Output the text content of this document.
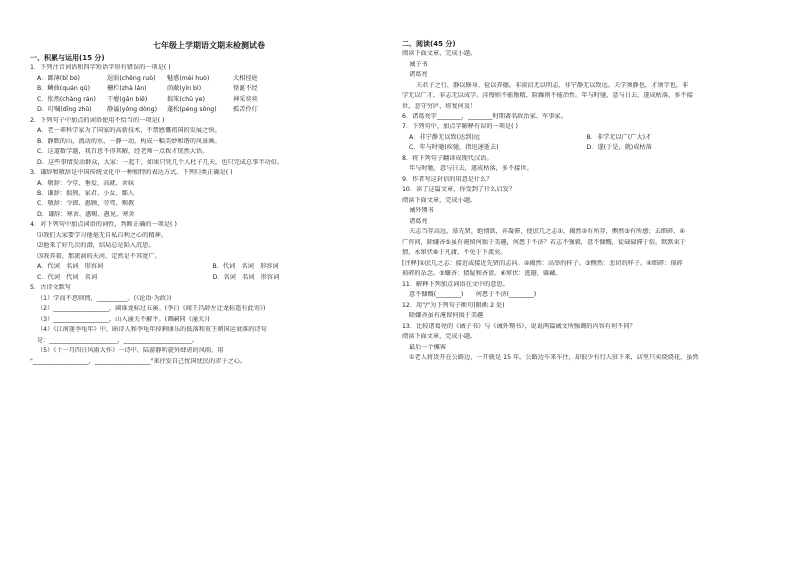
七年级上学期语文期末检测试卷
一、积累与运用(15 分)
1．下列注音词语和四字短语字形有错误的一项是( )
A．鄙薄(bǐ bó)	逞弱(chěng ruò)	魅惑(mèi huò)	大相径庭
B．鳞曲(quán qū)	栅栏(zhà lán)	荫蔽(yīn bì)	怪诞不经
C．怅然(chàng rán)	干瘪(gān biě)	拙笨(chū ye)	神采奕奕
D．叮嘱(dīng zhǔ)	静谧(yǒng dòng)	蓬松(péng sōng)	孤苦伶仃
2．下列句子中加点的词语使用不恰当的一项是( )
A．老一辈科学家为了国家的高新技术，不禁感慨祖国的发展之快。
B．静默的山，流动的水，一静一动，构成一幅美妙和谐的风景画。
C．这道数学题，我百思不得其解，经老师一点拨才恍然大悟。
D．这些事情发动群众，大家：一起干，如果只凭几个人杜子几天，也只完成总事半功倍。
3．谦辞和敬辞是中国传统文化中一种独特的表达方式。下列归类正确是( )
A．敬辞：令堂、垂爱、高就、舍妹
B．谦辞：拙荆、家君、小女、鄙人
C．敬辞：令郎、惠顾、劳驾、赐教
D．谦辞：寒舍、惠赐、愚见、寒舍
4．对下列句中加点词语的词性，判断正确的一项是( )
⑴我们大家要学习他毫无自私自利之心的精神。
⑵他来了好几次的潜，结局总是陷入沉思。
⑶我养着，那流淌的天河，定然是不其宽广。
A．代词　名词　形容词	B．代词　名词　形容词
C．代词　代词　名词	D．名词　名词　形容词
5．古诗文默写
（1）学而不思则罔，__________。(《论语·为政》)
（2）__________________，阔谁龙标过五溪。(李白《闻王昌龄左迁龙标遥有此寄》)
（3）__________________，山入潼关不解平。(谭嗣同《潼关》)
（4）《江南逢李龟年》中，暗诗人和李龟年掉剩康乐的低落和重王朝国运衰落的诗句
是：______________________，______________________。
（5）《十一月四日风雨大作》一诗中，陆游静听旋外肆虐的风雨，用
"__________________，__________________"来抒发自己忧国忧民的赤子之心。
二、阅读(45 分)
阅读下面文章，完成小题。
诫子书
诸葛亮
夫君子之行，静以修身，俭以养德。非淡泊无以明志，非宁静无以致远。夫学须静也，才须学也，非
学无以广才，非志无以成学。淫慢则不能励精，险躁则不能冶性。年与时驰，意与日去，遂成枯落，多不接
世，悲守穷庐，将复何及！
6．诸葛亮字________，________时期著名政治家、军事家。
7．下列句中，加点字解释有误的一项是( )
A．非宁静无以致(达到)远	B．非学无以广(广大)才
C．年与时驰(疾驰，指迅速逝去)	D．遂(于是，就)成枯落
8．将下列句子翻译成现代汉语。
年与时驰，意与日去，遂成枯落，多不接世。
9．作者写这封信的用意是什么？
10．读了这篇文章，你受到了什么启发？
阅读下面文章，完成小题。
诫外甥书
诸葛亮
夫志当存高远，慕先贤，绝情欲，弃凝滞，使庶几之志①，揭然②有所存，恻然③有所感；去细碎，④
广咨问，除嫌吝⑤虽有淹留何损于美趣，何患于不济？若志不强毅，意不慷慨，徒碌碌滞于俗，默默束于
情，永窜伏⑥于凡庸，不免于下流矣。
[注释]①庶几之志：接近或接近先贤的志向。②揭然：高举的样子。③恻然：悲切的样子。④细碎：琐碎
琐碎的杂念。⑤嫌吝：猜疑和吝啬。⑥窜伏：逃避，躲藏。
11．解释下列加点词语在文中的意思。
意不慷慨(________)　　何患于不济(________)
12．用"/"为下列句子断句(限断 2 处)
除嫌吝虽有淹留何损于美趣
13．比较诸葛亮的《诫子书》与《诫外甥书》，说说两篇诫文所强调的内容有何不同？
阅读下面文章，完成小题。
最后一个摊客
①老人将货开在公路边，一开就是 15 年。公路边车来车往，却很少有行人驻下来，店里只卖烧烧花，虽然
